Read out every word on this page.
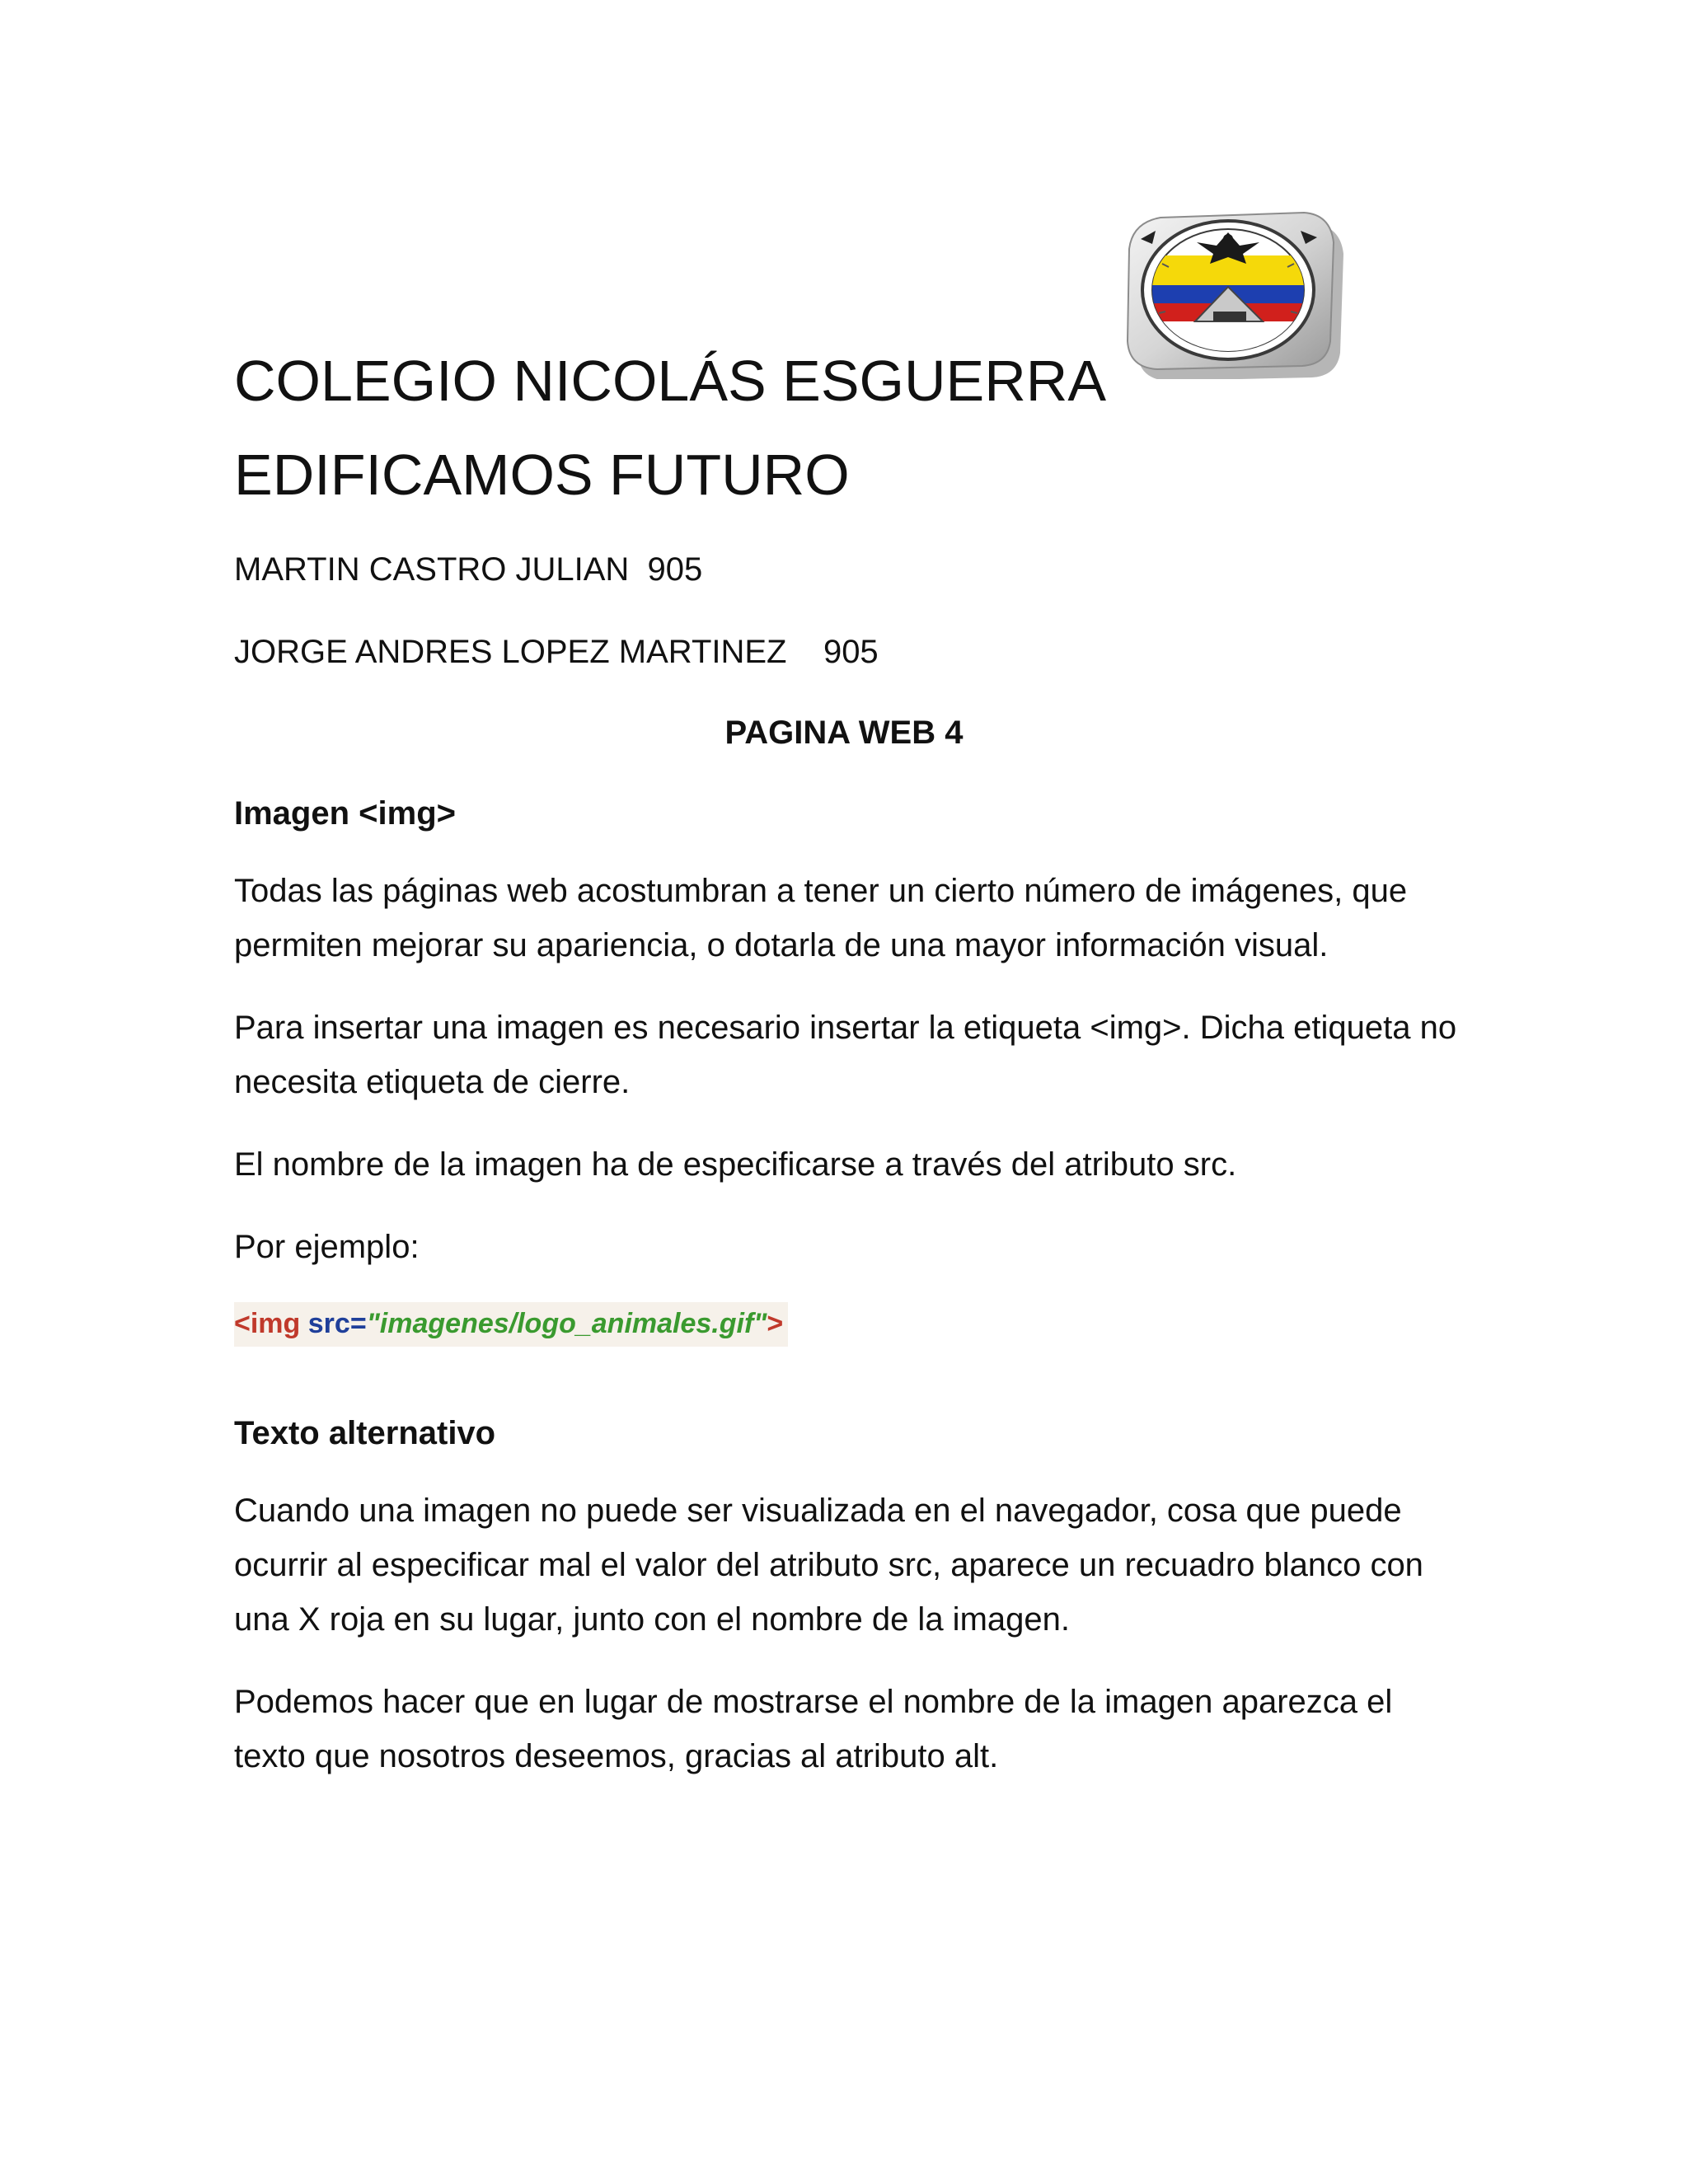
COLEGIO NICOLÁS ESGUERRA
EDIFICAMOS FUTURO

MARTIN CASTRO JULIAN  905

JORGE ANDRES LOPEZ MARTINEZ    905

PAGINA WEB 4

Imagen <img>

Todas las páginas web acostumbran a tener un cierto número de imágenes, que permiten mejorar su apariencia, o dotarla de una mayor información visual.

Para insertar una imagen es necesario insertar la etiqueta <img>. Dicha etiqueta no necesita etiqueta de cierre.

El nombre de la imagen ha de especificarse a través del atributo src.

Por ejemplo:

<img src="imagenes/logo_animales.gif">

Texto alternativo

Cuando una imagen no puede ser visualizada en el navegador, cosa que puede ocurrir al especificar mal el valor del atributo src, aparece un recuadro blanco con una X roja en su lugar, junto con el nombre de la imagen.

Podemos hacer que en lugar de mostrarse el nombre de la imagen aparezca el texto que nosotros deseemos, gracias al atributo alt.
